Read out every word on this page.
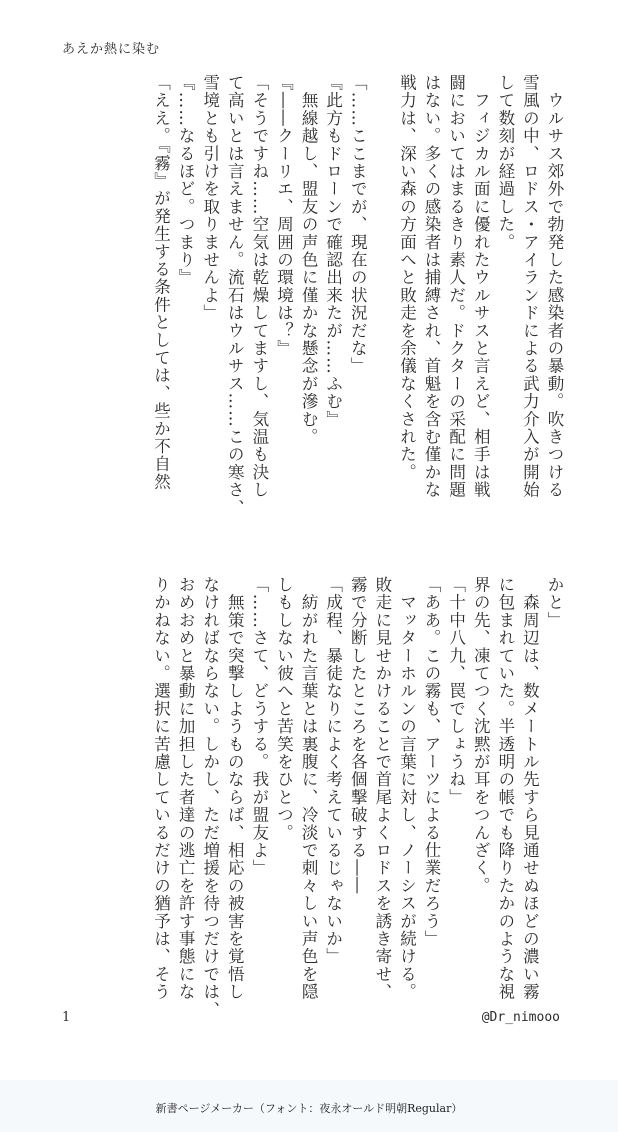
あえか熱に染む
　ウルサス郊外で勃発した感染者の暴動。吹きつける
雪風の中、ロドス・アイランドによる武力介入が開始
して数刻が経過した。
　フィジカル面に優れたウルサスと言えど、相手は戦
闘においてはまるきり素人だ。ドクターの采配に問題
はない。多くの感染者は捕縛され、首魁を含む僅かな
戦力は、深い森の方面へと敗走を余儀なくされた。

「……ここまでが、現在の状況だな」
『此方もドローンで確認出来たが……ふむ』
　無線越し、盟友の声色に僅かな懸念が滲む。
『――クーリエ、周囲の環境は？』
「そうですね……空気は乾燥してますし、気温も決し
て高いとは言えません。流石はウルサス……この寒さ、
雪境とも引けを取りませんよ」
『……なるほど。つまり』
「ええ。『霧』が発生する条件としては、些か不自然
かと」
　森周辺は、数メートル先すら見通せぬほどの濃い霧
に包まれていた。半透明の帳でも降りたかのような視
界の先、凍てつく沈黙が耳をつんざく。
「十中八九、罠でしょうね」
「ああ。この霧も、アーツによる仕業だろう」
　マッターホルンの言葉に対し、ノーシスが続ける。
敗走に見せかけることで首尾よくロドスを誘き寄せ、
霧で分断したところを各個撃破する――
「成程、暴徒なりによく考えているじゃないか」
　紡がれた言葉とは裏腹に、冷淡で刺々しい声色を隠
しもしない彼へと苦笑をひとつ。
「……さて、どうする。我が盟友よ」
　無策で突撃しようものならば、相応の被害を覚悟し
なければならない。しかし、ただ増援を待つだけでは、
おめおめと暴動に加担した者達の逃亡を許す事態にな
りかねない。選択に苦慮しているだけの猶予は、そう
1	@Dr_nimooo
新書ページメーカー（フォント：夜永オールド明朝Regular）
